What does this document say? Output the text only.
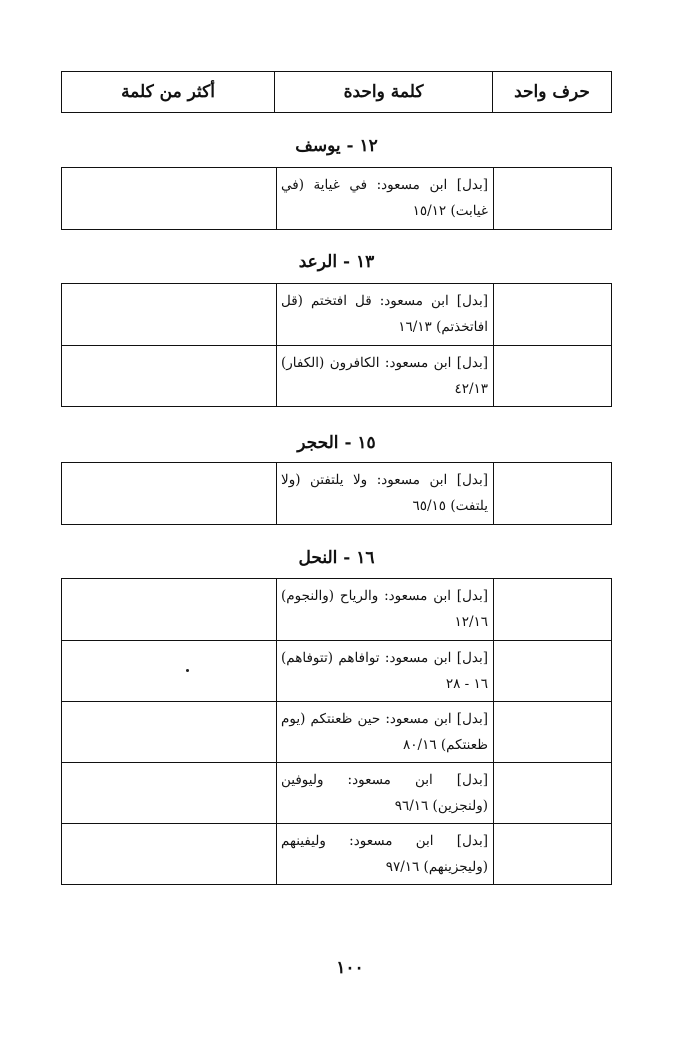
حرف واحد
كلمة واحدة
أكثر من كلمة
١٢ - يوسف
[بدل] ابن مسعود: في غياية (في غيابت) ١٥/١٢
١٣ - الرعد
[بدل] ابن مسعود: قل افتختم (قل افاتخذتم) ١٦/١٣
[بدل] ابن مسعود: الكافرون (الكفار) ٤٢/١٣
١٥ - الحجر
[بدل] ابن مسعود: ولا يلتفتن (ولا يلتفت) ٦٥/١٥
١٦ - النحل
[بدل] ابن مسعود: والرياح (والنجوم) ١٢/١٦
[بدل] ابن مسعود: توافاهم (تتوفاهم) ١٦ - ٢٨
[بدل] ابن مسعود: حين ظعنتكم (يوم ظعنتكم) ٨٠/١٦
[بدل] ابن مسعود: وليوفين (ولنجزين) ٩٦/١٦
[بدل] ابن مسعود: وليفينهم (وليجزينهم) ٩٧/١٦
١٠٠
